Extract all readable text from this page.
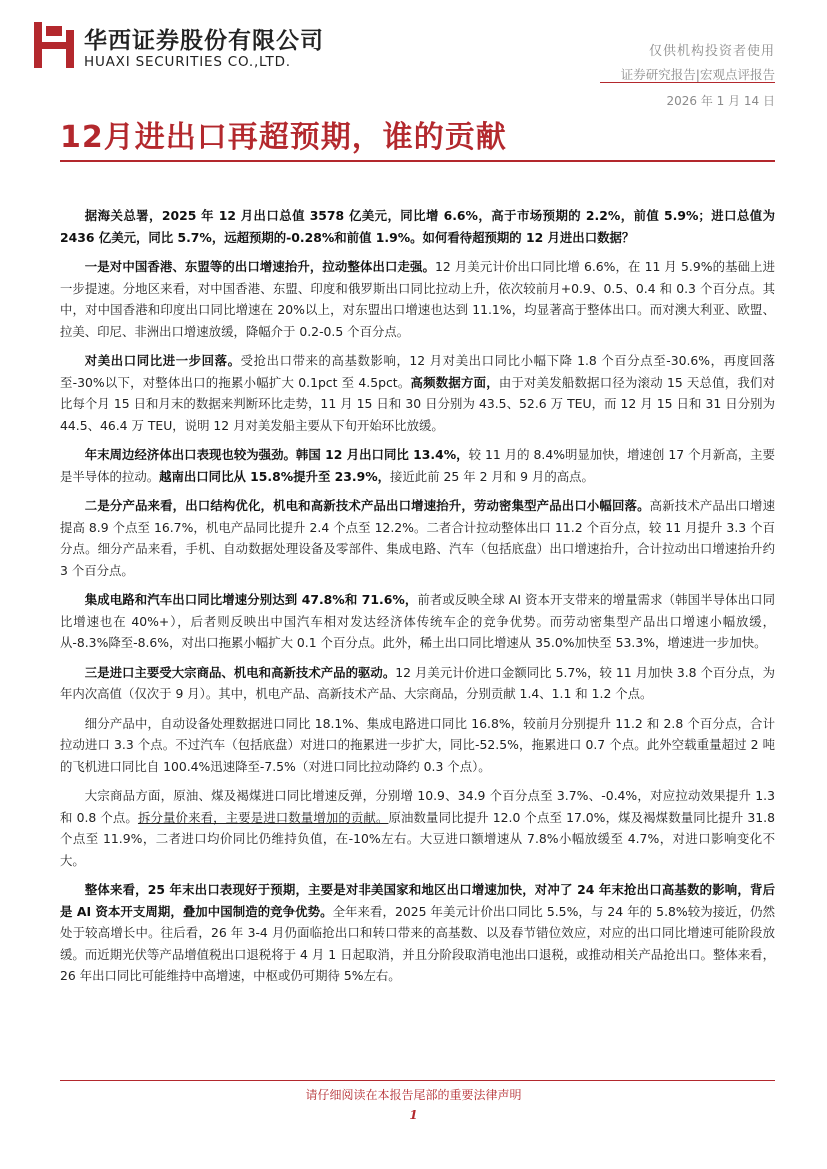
华西证券股份有限公司
HUAXI SECURITIES CO.,LTD.
仅供机构投资者使用
证券研究报告|宏观点评报告
2026 年 1 月 14 日
12月进出口再超预期，谁的贡献

据海关总署，2025 年 12 月出口总值 3578 亿美元，同比增 6.6%，高于市场预期的 2.2%，前值 5.9%；进口总值为 2436 亿美元，同比 5.7%，远超预期的-0.28%和前值 1.9%。如何看待超预期的 12 月进出口数据？

一是对中国香港、东盟等的出口增速抬升，拉动整体出口走强。12 月美元计价出口同比增 6.6%，在 11 月 5.9%的基础上进一步提速。分地区来看，对中国香港、东盟、印度和俄罗斯出口同比拉动上升，依次较前月+0.9、0.5、0.4 和 0.3 个百分点。其中，对中国香港和印度出口同比增速在 20%以上，对东盟出口增速也达到 11.1%，均显著高于整体出口。而对澳大利亚、欧盟、拉美、印尼、非洲出口增速放缓，降幅介于 0.2-0.5 个百分点。

对美出口同比进一步回落。受抢出口带来的高基数影响，12 月对美出口同比小幅下降 1.8 个百分点至-30.6%，再度回落至-30%以下，对整体出口的拖累小幅扩大 0.1pct 至 4.5pct。高频数据方面，由于对美发船数据口径为滚动 15 天总值，我们对比每个月 15 日和月末的数据来判断环比走势，11 月 15 日和 30 日分别为 43.5、52.6 万 TEU，而 12 月 15 日和 31 日分别为 44.5、46.4 万 TEU，说明 12 月对美发船主要从下旬开始环比放缓。

年末周边经济体出口表现也较为强劲。韩国 12 月出口同比 13.4%，较 11 月的 8.4%明显加快，增速创 17 个月新高，主要是半导体的拉动。越南出口同比从 15.8%提升至 23.9%，接近此前 25 年 2 月和 9 月的高点。

二是分产品来看，出口结构优化，机电和高新技术产品出口增速抬升，劳动密集型产品出口小幅回落。高新技术产品出口增速提高 8.9 个点至 16.7%，机电产品同比提升 2.4 个点至 12.2%。二者合计拉动整体出口 11.2 个百分点，较 11 月提升 3.3 个百分点。细分产品来看，手机、自动数据处理设备及零部件、集成电路、汽车（包括底盘）出口增速抬升，合计拉动出口增速抬升约 3 个百分点。

集成电路和汽车出口同比增速分别达到 47.8%和 71.6%，前者或反映全球 AI 资本开支带来的增量需求（韩国半导体出口同比增速也在 40%+），后者则反映出中国汽车相对发达经济体传统车企的竞争优势。而劳动密集型产品出口增速小幅放缓，从-8.3%降至-8.6%，对出口拖累小幅扩大 0.1 个百分点。此外，稀土出口同比增速从 35.0%加快至 53.3%，增速进一步加快。

三是进口主要受大宗商品、机电和高新技术产品的驱动。12 月美元计价进口金额同比 5.7%，较 11 月加快 3.8 个百分点，为年内次高值（仅次于 9 月）。其中，机电产品、高新技术产品、大宗商品，分别贡献 1.4、1.1 和 1.2 个点。

细分产品中，自动设备处理数据进口同比 18.1%、集成电路进口同比 16.8%，较前月分别提升 11.2 和 2.8 个百分点，合计拉动进口 3.3 个点。不过汽车（包括底盘）对进口的拖累进一步扩大，同比-52.5%，拖累进口 0.7 个点。此外空载重量超过 2 吨的飞机进口同比自 100.4%迅速降至-7.5%（对进口同比拉动降约 0.3 个点）。

大宗商品方面，原油、煤及褐煤进口同比增速反弹，分别增 10.9、34.9 个百分点至 3.7%、-0.4%，对应拉动效果提升 1.3 和 0.8 个点。拆分量价来看，主要是进口数量增加的贡献。原油数量同比提升 12.0 个点至 17.0%，煤及褐煤数量同比提升 31.8 个点至 11.9%，二者进口均价同比仍维持负值，在-10%左右。大豆进口额增速从 7.8%小幅放缓至 4.7%，对进口影响变化不大。

整体来看，25 年末出口表现好于预期，主要是对非美国家和地区出口增速加快，对冲了 24 年末抢出口高基数的影响，背后是 AI 资本开支周期，叠加中国制造的竞争优势。全年来看，2025 年美元计价出口同比 5.5%，与 24 年的 5.8%较为接近，仍然处于较高增长中。往后看，26 年 3-4 月仍面临抢出口和转口带来的高基数、以及春节错位效应，对应的出口同比增速可能阶段放缓。而近期光伏等产品增值税出口退税将于 4 月 1 日起取消，并且分阶段取消电池出口退税，或推动相关产品抢出口。整体来看，26 年出口同比可能维持中高增速，中枢或仍可期待 5%左右。

请仔细阅读在本报告尾部的重要法律声明
1
